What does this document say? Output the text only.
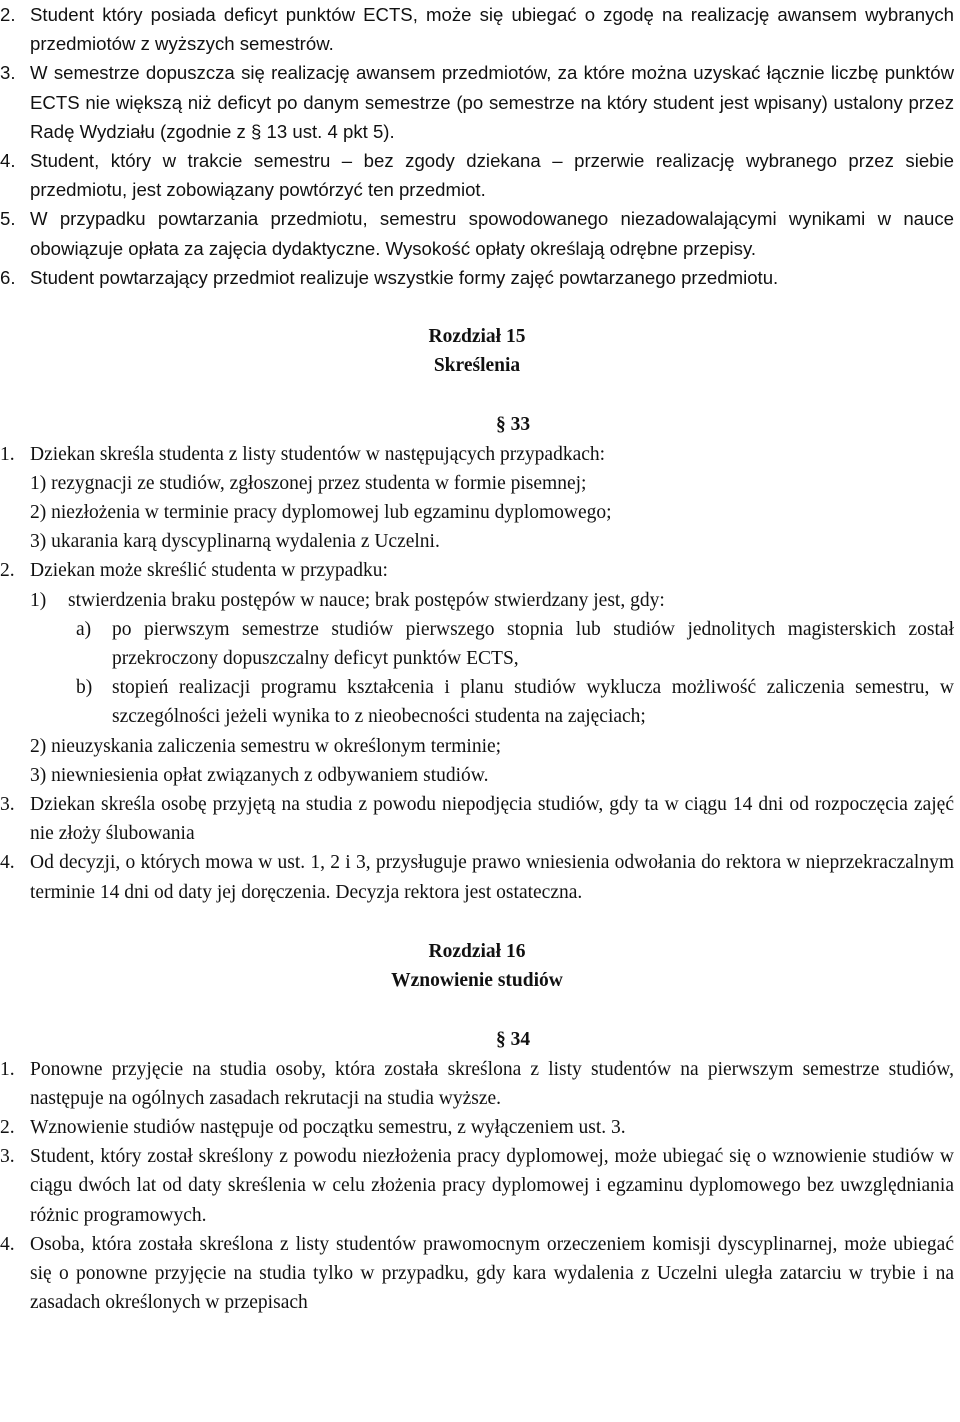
2. Student który posiada deficyt punktów ECTS, może się ubiegać o zgodę na realizację awansem wybranych przedmiotów z wyższych semestrów.
3. W semestrze dopuszcza się realizację awansem przedmiotów, za które można uzyskać łącznie liczbę punktów ECTS nie większą niż deficyt po danym semestrze (po semestrze na który student jest wpisany) ustalony przez Radę Wydziału (zgodnie z § 13 ust. 4 pkt 5).
4. Student, który w trakcie semestru – bez zgody dziekana – przerwie realizację wybranego przez siebie przedmiotu, jest zobowiązany powtórzyć ten przedmiot.
5. W przypadku powtarzania przedmiotu, semestru spowodowanego niezadowalającymi wynikami w nauce obowiązuje opłata za zajęcia dydaktyczne. Wysokość opłaty określają odrębne przepisy.
6. Student powtarzający przedmiot realizuje wszystkie formy zajęć powtarzanego przedmiotu.
Rozdział 15
Skreślenia
§ 33
1. Dziekan skreśla studenta z listy studentów w następujących przypadkach:
1) rezygnacji ze studiów, zgłoszonej przez studenta w formie pisemnej;
2) niezłożenia w terminie pracy dyplomowej lub egzaminu dyplomowego;
3) ukarania karą dyscyplinarną wydalenia z Uczelni.
2. Dziekan może skreślić studenta w przypadku:
1)	stwierdzenia braku postępów w nauce; brak postępów stwierdzany jest, gdy:
a)	po pierwszym semestrze studiów pierwszego stopnia lub studiów jednolitych magisterskich został przekroczony dopuszczalny deficyt punktów ECTS,
b)	stopień realizacji programu kształcenia i planu studiów wyklucza możliwość zaliczenia semestru, w szczególności jeżeli wynika to z nieobecności studenta na zajęciach;
2) nieuzyskania zaliczenia semestru w określonym terminie;
3) niewniesienia opłat związanych z odbywaniem studiów.
3. Dziekan skreśla osobę przyjętą na studia z powodu niepodjęcia studiów, gdy ta w ciągu 14 dni od rozpoczęcia zajęć nie złoży ślubowania
4. Od decyzji, o których mowa w ust. 1, 2 i 3, przysługuje prawo wniesienia odwołania do rektora w nieprzekraczalnym terminie 14 dni od daty jej doręczenia. Decyzja rektora jest ostateczna.
Rozdział 16
Wznowienie studiów
§ 34
1. Ponowne przyjęcie na studia osoby, która została skreślona z listy studentów na pierwszym semestrze studiów, następuje na ogólnych zasadach rekrutacji na studia wyższe.
2. Wznowienie studiów następuje od początku semestru, z wyłączeniem ust. 3.
3. Student, który został skreślony z powodu niezłożenia pracy dyplomowej, może ubiegać się o wznowienie studiów w ciągu dwóch lat od daty skreślenia w celu złożenia pracy dyplomowej i egzaminu dyplomowego bez uwzględniania różnic programowych.
4. Osoba, która została skreślona z listy studentów prawomocnym orzeczeniem komisji dyscyplinarnej, może ubiegać się o ponowne przyjęcie na studia tylko w przypadku, gdy kara wydalenia z Uczelni uległa zatarciu w trybie i na zasadach określonych w przepisach
